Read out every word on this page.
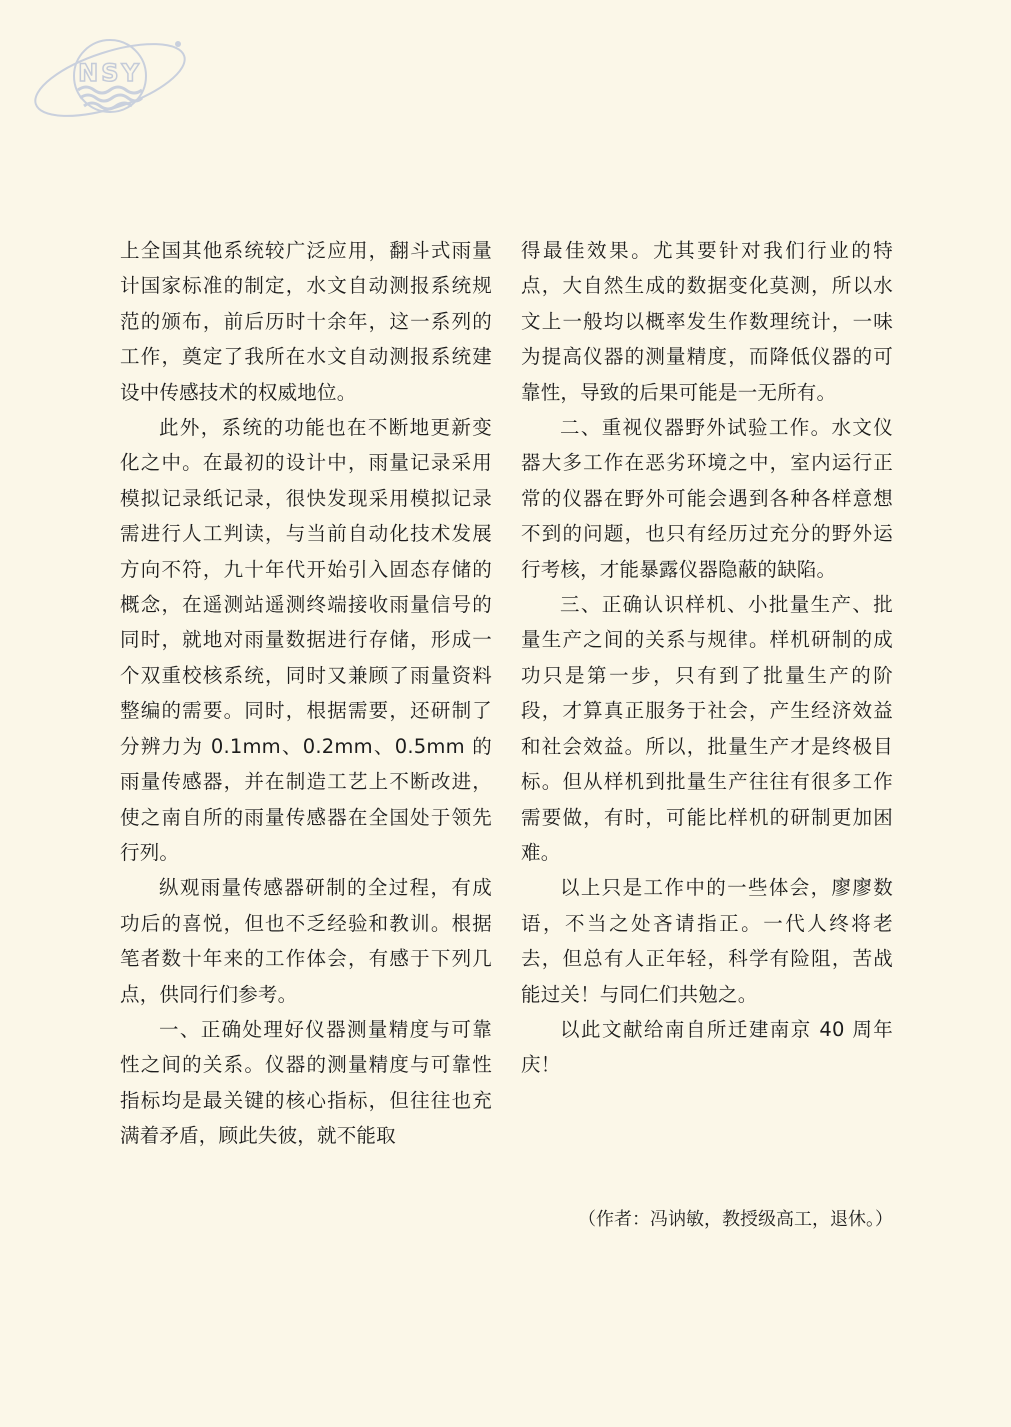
NSY

上全国其他系统较广泛应用，翻斗式雨量计国家标准的制定，水文自动测报系统规范的颁布，前后历时十余年，这一系列的工作，奠定了我所在水文自动测报系统建设中传感技术的权威地位。

此外，系统的功能也在不断地更新变化之中。在最初的设计中，雨量记录采用模拟记录纸记录，很快发现采用模拟记录需进行人工判读，与当前自动化技术发展方向不符，九十年代开始引入固态存储的概念，在遥测站遥测终端接收雨量信号的同时，就地对雨量数据进行存储，形成一个双重校核系统，同时又兼顾了雨量资料整编的需要。同时，根据需要，还研制了分辨力为 0.1mm、0.2mm、0.5mm 的雨量传感器，并在制造工艺上不断改进，使之南自所的雨量传感器在全国处于领先行列。

纵观雨量传感器研制的全过程，有成功后的喜悦，但也不乏经验和教训。根据笔者数十年来的工作体会，有感于下列几点，供同行们参考。

一、正确处理好仪器测量精度与可靠性之间的关系。仪器的测量精度与可靠性指标均是最关键的核心指标，但往往也充满着矛盾，顾此失彼，就不能取

得最佳效果。尤其要针对我们行业的特点，大自然生成的数据变化莫测，所以水文上一般均以概率发生作数理统计，一味为提高仪器的测量精度，而降低仪器的可靠性，导致的后果可能是一无所有。

二、重视仪器野外试验工作。水文仪器大多工作在恶劣环境之中，室内运行正常的仪器在野外可能会遇到各种各样意想不到的问题，也只有经历过充分的野外运行考核，才能暴露仪器隐蔽的缺陷。

三、正确认识样机、小批量生产、批量生产之间的关系与规律。样机研制的成功只是第一步，只有到了批量生产的阶段，才算真正服务于社会，产生经济效益和社会效益。所以，批量生产才是终极目标。但从样机到批量生产往往有很多工作需要做，有时，可能比样机的研制更加困难。

以上只是工作中的一些体会，廖廖数语，不当之处吝请指正。一代人终将老去，但总有人正年轻，科学有险阻，苦战能过关！与同仁们共勉之。

以此文献给南自所迁建南京 40 周年庆！

（作者：冯讷敏，教授级高工，退休。）
